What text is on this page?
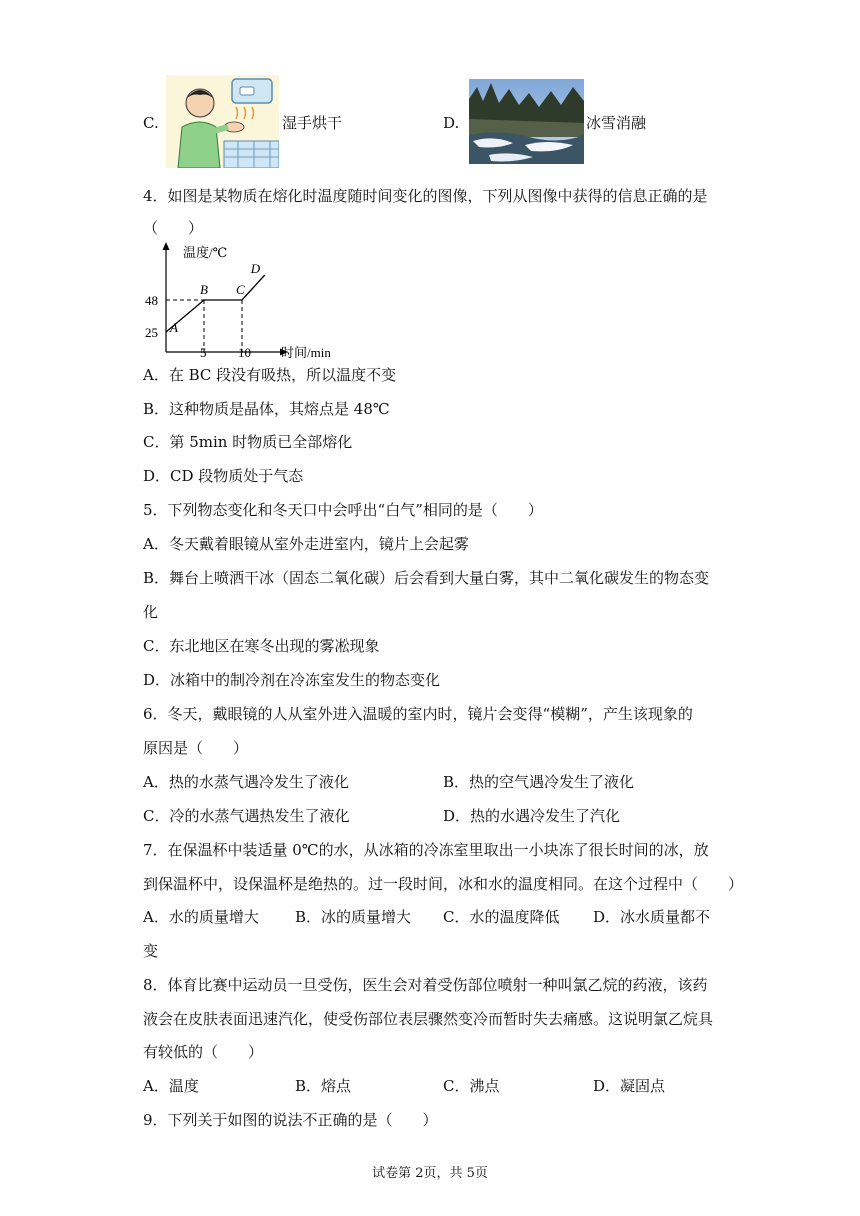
C.	湿手烘干	D.	冰雪消融
4．如图是某物质在熔化时温度随时间变化的图像，下列从图像中获得的信息正确的是
（　　）
A
B C
D
48
25
5 10
温度/℃
时间/min
A．在 BC 段没有吸热，所以温度不变
B．这种物质是晶体，其熔点是 48℃
C．第 5min 时物质已全部熔化
D．CD 段物质处于气态
5．下列物态变化和冬天口中会呼出“白气”相同的是（　　）
A．冬天戴着眼镜从室外走进室内，镜片上会起雾
B．舞台上喷洒干冰（固态二氧化碳）后会看到大量白雾，其中二氧化碳发生的物态变
化
C．东北地区在寒冬出现的雾凇现象
D．冰箱中的制冷剂在冷冻室发生的物态变化
6．冬天，戴眼镜的人从室外进入温暖的室内时，镜片会变得“模糊”，产生该现象的
原因是（　　）
A．热的水蒸气遇冷发生了液化	B．热的空气遇冷发生了液化
C．冷的水蒸气遇热发生了液化	D．热的水遇冷发生了汽化
7．在保温杯中装适量 0℃的水，从冰箱的冷冻室里取出一小块冻了很长时间的冰，放
到保温杯中，设保温杯是绝热的。过一段时间，冰和水的温度相同。在这个过程中（　　）
A．水的质量增大 B．冰的质量增大 C．水的温度降低 D．冰水质量都不
变
8．体育比赛中运动员一旦受伤，医生会对着受伤部位喷射一种叫氯乙烷的药液，该药
液会在皮肤表面迅速汽化，使受伤部位表层骤然变冷而暂时失去痛感。这说明氯乙烷具
有较低的（　　）
A．温度	B．熔点	C．沸点	D．凝固点
9．下列关于如图的说法不正确的是（　　）
试卷第 2页，共 5页
